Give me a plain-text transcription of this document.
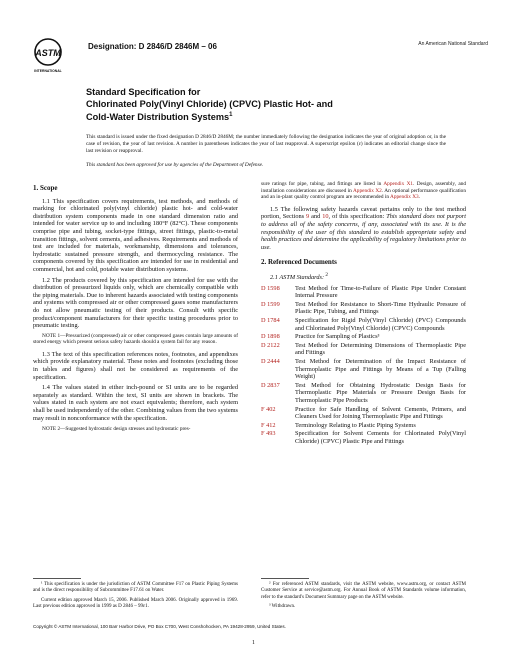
ASTM
INTERNATIONAL
Designation: D 2846/D 2846M – 06	An American National Standard
Standard Specification for
Chlorinated Poly(Vinyl Chloride) (CPVC) Plastic Hot- and
Cold-Water Distribution Systems$^1$
This standard is issued under the fixed designation D 2846/D 2846M; the number immediately following the designation indicates the year of original adoption or, in the case of revision, the year of last revision. A number in parentheses indicates the year of last reapproval. A superscript epsilon (ε) indicates an editorial change since the last revision or reapproval.
This standard has been approved for use by agencies of the Department of Defense.
1. Scope

1.1 This specification covers requirements, test methods, and methods of marking for chlorinated poly(vinyl chloride) plastic hot- and cold-water distribution system components made in one standard dimension ratio and intended for water service up to and including 180°F (82°C). These components comprise pipe and tubing, socket-type fittings, street fittings, plastic-to-metal transition fittings, solvent cements, and adhesives. Requirements and methods of test are included for materials, workmanship, dimensions and tolerances, hydrostatic sustained pressure strength, and thermocycling resistance. The components covered by this specification are intended for use in residential and commercial, hot and cold, potable water distribution systems.

1.2 The products covered by this specification are intended for use with the distribution of pressurized liquids only, which are chemically compatible with the piping materials. Due to inherent hazards associated with testing components and systems with compressed air or other compressed gases some manufacturers do not allow pneumatic testing of their products. Consult with specific product/component manufacturers for their specific testing procedures prior to pneumatic testing.

NOTE 1—Pressurized (compressed) air or other compressed gases contain large amounts of stored energy which present serious safety hazards should a system fail for any reason.

1.3 The text of this specification references notes, footnotes, and appendixes which provide explanatory material. These notes and footnotes (excluding those in tables and figures) shall not be considered as requirements of the specification.

1.4 The values stated in either inch-pound or SI units are to be regarded separately as standard. Within the text, SI units are shown in brackets. The values stated in each system are not exact equivalents; therefore, each system shall be used independently of the other. Combining values from the two systems may result in nonconformance with the specification.

NOTE 2—Suggested hydrostatic design stresses and hydrostatic pres-
sure ratings for pipe, tubing, and fittings are listed in Appendix X1. Design, assembly, and installation considerations are discussed in Appendix X2. An optional performance qualification and an in-plant quality control program are recommended in Appendix X3.

1.5 The following safety hazards caveat pertains only to the test method portion, Sections 9 and 10, of this specification: This standard does not purport to address all of the safety concerns, if any, associated with its use. It is the responsibility of the user of this standard to establish appropriate safety and health practices and determine the applicability of regulatory limitations prior to use.

2. Referenced Documents

2.1 ASTM Standards: $^2$

D 1598	Test Method for Time-to-Failure of Plastic Pipe Under Constant Internal Pressure
D 1599	Test Method for Resistance to Short-Time Hydraulic Pressure of Plastic Pipe, Tubing, and Fittings
D 1784	Specification for Rigid Poly(Vinyl Chloride) (PVC) Compounds and Chlorinated Poly(Vinyl Chloride) (CPVC) Compounds
D 1898	Practice for Sampling of Plastics³
D 2122	Test Method for Determining Dimensions of Thermoplastic Pipe and Fittings
D 2444	Test Method for Determination of the Impact Resistance of Thermoplastic Pipe and Fittings by Means of a Tup (Falling Weight)
D 2837	Test Method for Obtaining Hydrostatic Design Basis for Thermoplastic Pipe Materials or Pressure Design Basis for Thermoplastic Pipe Products
F 402	Practice for Safe Handling of Solvent Cements, Primers, and Cleaners Used for Joining Thermoplastic Pipe and Fittings
F 412	Terminology Relating to Plastic Piping Systems
F 493	Specification for Solvent Cements for Chlorinated Poly(Vinyl Chloride) (CPVC) Plastic Pipe and Fittings

¹ This specification is under the jurisdiction of ASTM Committee F17 on Plastic Piping Systems and is the direct responsibility of Subcommittee F17.61 on Water.

Current edition approved March 15, 2006. Published March 2006. Originally approved in 1969. Last previous edition approved in 1999 as D 2846 – 99ε1.

² For referenced ASTM standards, visit the ASTM website, www.astm.org, or contact ASTM Customer Service at service@astm.org. For Annual Book of ASTM Standards volume information, refer to the standard's Document Summary page on the ASTM website.

³ Withdrawn.

Copyright © ASTM International, 100 Barr Harbor Drive, PO Box C700, West Conshohocken, PA 19428-2959, United States.
1
